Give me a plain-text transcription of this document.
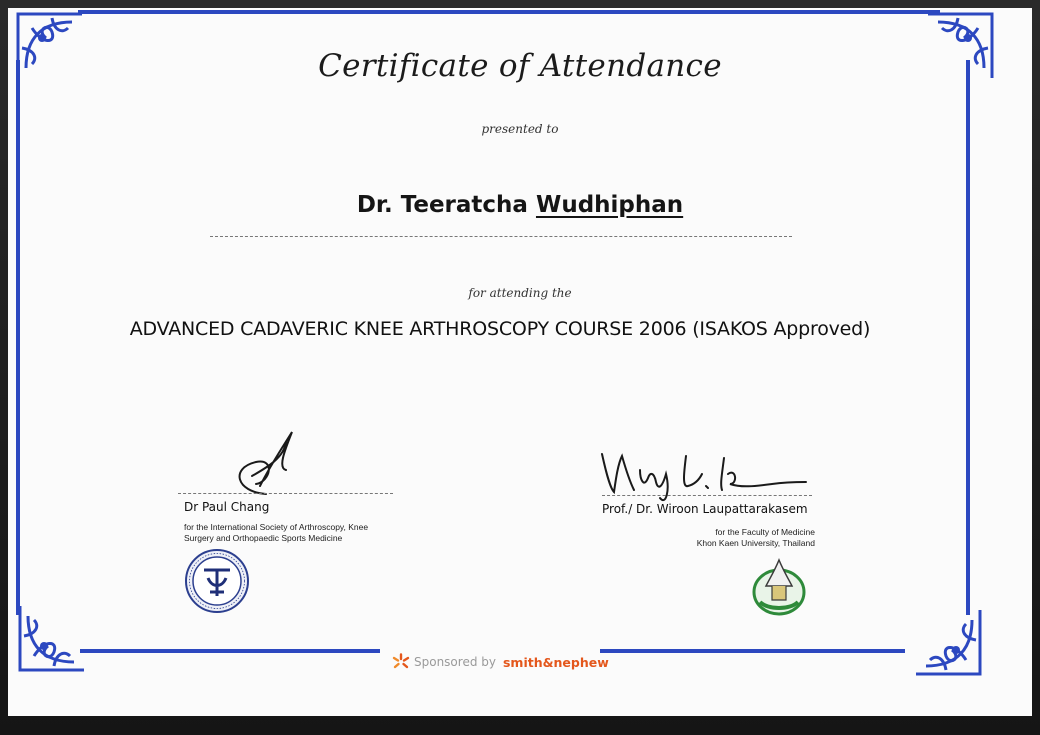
Certificate of Attendance
presented to
Dr. Teeratcha Wudhiphan
for attending the
ADVANCED CADAVERIC KNEE ARTHROSCOPY COURSE 2006 (ISAKOS Approved)
Dr Paul Chang
for the International Society of Arthroscopy, Knee
Surgery and Orthopaedic Sports Medicine
Prof./ Dr. Wiroon Laupattarakasem
for the Faculty of Medicine
Khon Kaen University, Thailand
Sponsored by smith&nephew
